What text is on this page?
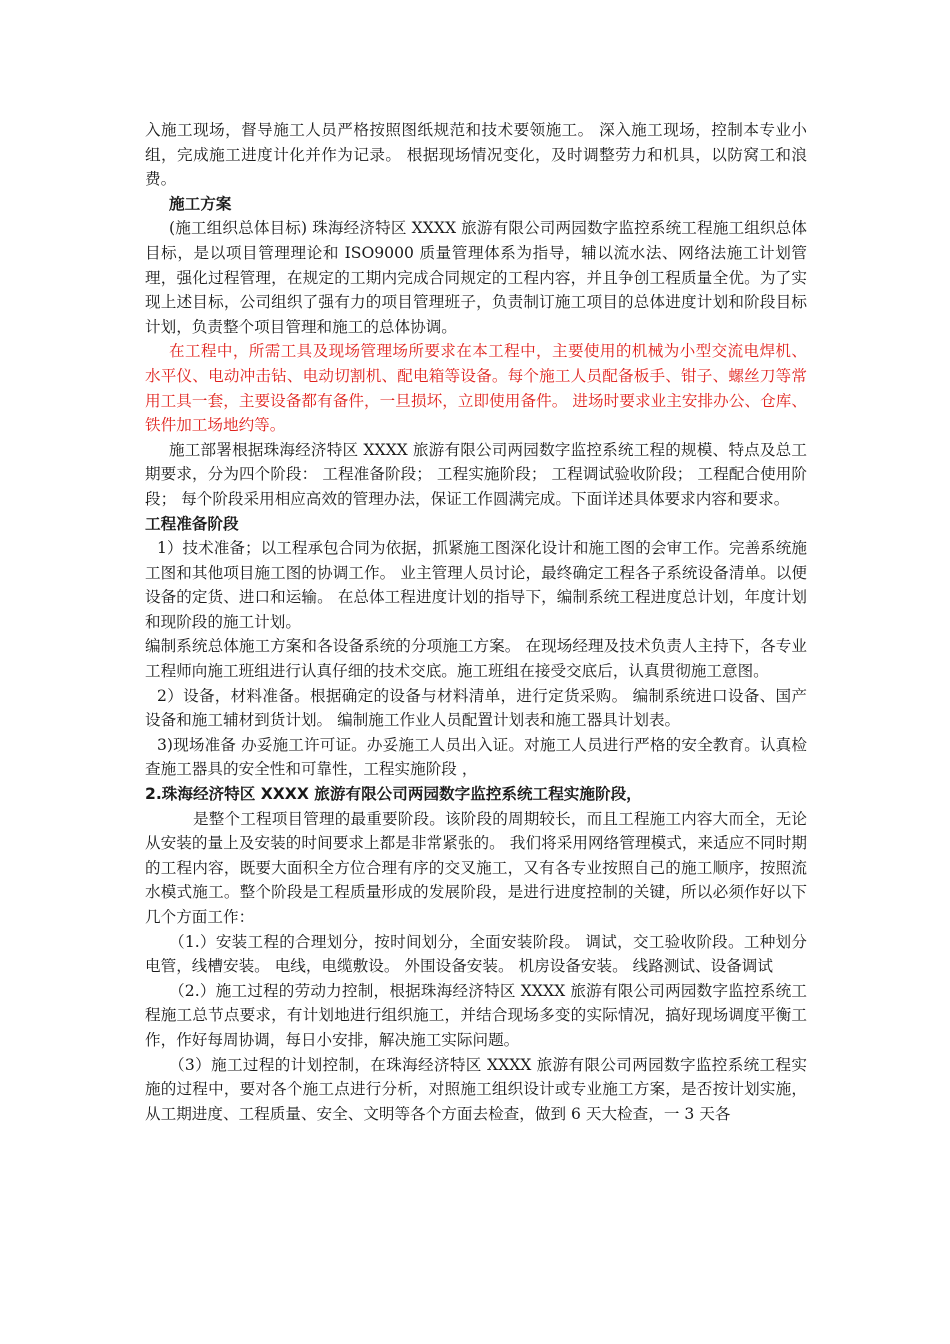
入施工现场，督导施工人员严格按照图纸规范和技术要领施工。 深入施工现场，控制本专业小组，完成施工进度计化并作为记录。 根据现场情况变化，及时调整劳力和机具，以防窝工和浪费。

施工方案

(施工组织总体目标) 珠海经济特区 XXXX 旅游有限公司两园数字监控系统工程施工组织总体目标，是以项目管理理论和 ISO9000 质量管理体系为指导，辅以流水法、网络法施工计划管理，强化过程管理，在规定的工期内完成合同规定的工程内容，并且争创工程质量全优。为了实现上述目标，公司组织了强有力的项目管理班子，负责制订施工项目的总体进度计划和阶段目标计划，负责整个项目管理和施工的总体协调。

在工程中，所需工具及现场管理场所要求在本工程中，主要使用的机械为小型交流电焊机、水平仪、电动冲击钻、电动切割机、配电箱等设备。每个施工人员配备板手、钳子、螺丝刀等常用工具一套，主要设备都有备件，一旦损坏，立即使用备件。 进场时要求业主安排办公、仓库、铁件加工场地约等。

施工部署根据珠海经济特区 XXXX 旅游有限公司两园数字监控系统工程的规模、特点及总工期要求，分为四个阶段： 工程准备阶段； 工程实施阶段； 工程调试验收阶段； 工程配合使用阶段； 每个阶段采用相应高效的管理办法，保证工作圆满完成。下面详述具体要求内容和要求。

工程准备阶段

1）技术准备；以工程承包合同为依据，抓紧施工图深化设计和施工图的会审工作。完善系统施工图和其他项目施工图的协调工作。 业主管理人员讨论，最终确定工程各子系统设备清单。以便设备的定货、进口和运输。 在总体工程进度计划的指导下，编制系统工程进度总计划，年度计划和现阶段的施工计划。

编制系统总体施工方案和各设备系统的分项施工方案。 在现场经理及技术负责人主持下，各专业工程师向施工班组进行认真仔细的技术交底。施工班组在接受交底后，认真贯彻施工意图。

2）设备，材料准备。根据确定的设备与材料清单，进行定货采购。 编制系统进口设备、国产设备和施工辅材到货计划。 编制施工作业人员配置计划表和施工器具计划表。

3)现场准备 办妥施工许可证。办妥施工人员出入证。对施工人员进行严格的安全教育。认真检查施工器具的安全性和可靠性，工程实施阶段 ，

2.珠海经济特区 XXXX 旅游有限公司两园数字监控系统工程实施阶段，

是整个工程项目管理的最重要阶段。该阶段的周期较长，而且工程施工内容大而全，无论从安装的量上及安装的时间要求上都是非常紧张的。 我们将采用网络管理模式，来适应不同时期的工程内容，既要大面积全方位合理有序的交叉施工，又有各专业按照自己的施工顺序，按照流水模式施工。整个阶段是工程质量形成的发展阶段，是进行进度控制的关键，所以必须作好以下几个方面工作：

（1.）安装工程的合理划分，按时间划分，全面安装阶段。 调试，交工验收阶段。工种划分 电管，线槽安装。 电线，电缆敷设。 外围设备安装。 机房设备安装。 线路测试、设备调试

（2.）施工过程的劳动力控制，根据珠海经济特区 XXXX 旅游有限公司两园数字监控系统工程施工总节点要求，有计划地进行组织施工，并结合现场多变的实际情况，搞好现场调度平衡工作，作好每周协调，每日小安排，解决施工实际问题。

（3）施工过程的计划控制，在珠海经济特区 XXXX 旅游有限公司两园数字监控系统工程实施的过程中，要对各个施工点进行分析，对照施工组织设计或专业施工方案，是否按计划实施，从工期进度、工程质量、安全、文明等各个方面去检查，做到 6 天大检查，一 3 天各
